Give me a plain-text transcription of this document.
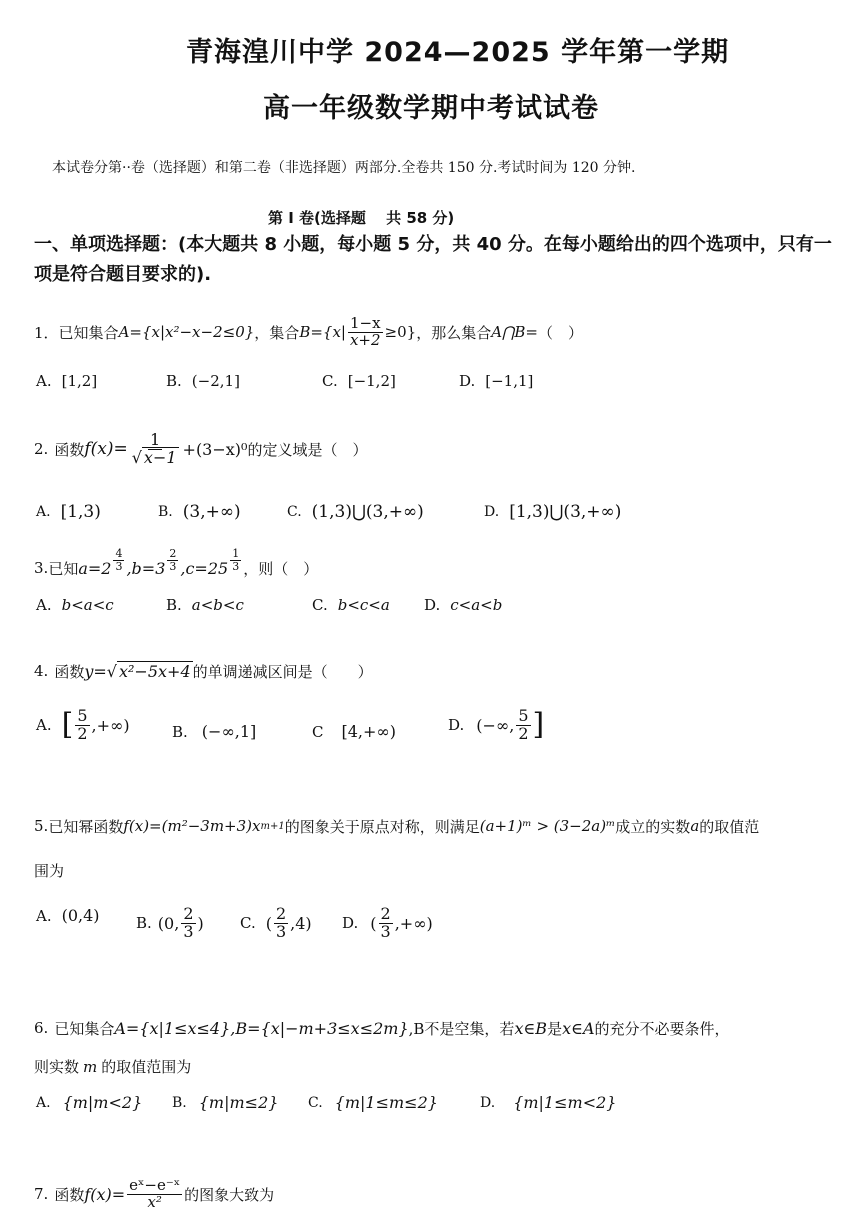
青海湟川中学 2024—2025 学年第一学期
高一年级数学期中考试试卷
本试卷分第··卷（选择题）和第二卷（非选择题）两部分.全卷共 150 分.考试时间为 120 分钟.
第 I 卷(选择题　 共 58 分)
一、单项选择题：(本大题共 8 小题，每小题 5 分，共 40 分。在每小题给出的四个选项中，只有一项是符合题目要求的).
1． 已知集合 A={x|x²−x−2≤0} ，集合 $B=\{x| \frac{1-x}{x+2} \ge 0\}$ ，那么集合 A⋂B= （　）
A. [1,2]	B. (−2,1]	C. [−1,2]	D. [−1,1]
2. 函数 $f(x)= \frac{1}{√ x-1} +(3-x)^0$ 的定义域是（　）
A. [1,3)	B. (3,+∞)	C. (1,3)⋃(3,+∞)	D. [1,3)⋃(3,+∞)
3. 已知 $a=2 \frac{4}{3} ,b=3 \frac{2}{3} ,c=25 \frac{1}{3}$ ，则（　）
A. b<a<c	B. a<b<c	C. b<c<a D. c<a<b
4. 函数 y= √ x²−5x+4 的单调递减区间是（　　）
A. [ $\frac{5}{2}$ ,+∞)	B. (−∞,1]	C [4,+∞)	D. (−∞, $\frac{5}{2}$ ]
5. 已知幂函数 f(x)=(m²−3m+3)x m+1 的图象关于原点对称，则满足 (a+1)ᵐ > (3−2a)ᵐ 成立的实数 a 的取值范
围为
A. (0,4) B. (0, $\frac{2}{3}$ ) C. ( $\frac{2}{3} ,4$) D. ( $\frac{2}{3}$ ,+∞)
6. 已知集合 A={x|1≤x≤4},B={x|−m+3≤x≤2m} ,B不是空集，若 x∈B 是 x∈A 的充分不必要条件，
则实数 m 的取值范围为
A. {m|m<2} B. {m|m≤2} C. {m|1≤m≤2}	D. {m|1≤m<2}
7. 函数 $f(x)= \frac{\text{eˣ−e⁻ˣ}}{\text{x²}}$ 的图象大致为
